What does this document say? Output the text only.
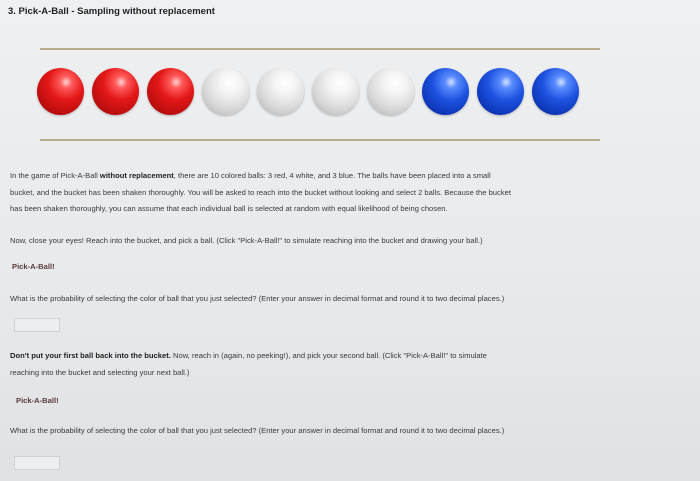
3. Pick-A-Ball - Sampling without replacement
In the game of Pick-A-Ball without replacement, there are 10 colored balls: 3 red, 4 white, and 3 blue. The balls have been placed into a small
bucket, and the bucket has been shaken thoroughly. You will be asked to reach into the bucket without looking and select 2 balls. Because the bucket
has been shaken thoroughly, you can assume that each individual ball is selected at random with equal likelihood of being chosen.
Now, close your eyes! Reach into the bucket, and pick a ball. (Click "Pick-A-Ball!" to simulate reaching into the bucket and drawing your ball.)
Pick-A-Ball!
What is the probability of selecting the color of ball that you just selected? (Enter your answer in decimal format and round it to two decimal places.)
Don't put your first ball back into the bucket. Now, reach in (again, no peeking!), and pick your second ball. (Click "Pick-A-Ball!" to simulate
reaching into the bucket and selecting your next ball.)
Pick-A-Ball!
What is the probability of selecting the color of ball that you just selected? (Enter your answer in decimal format and round it to two decimal places.)
